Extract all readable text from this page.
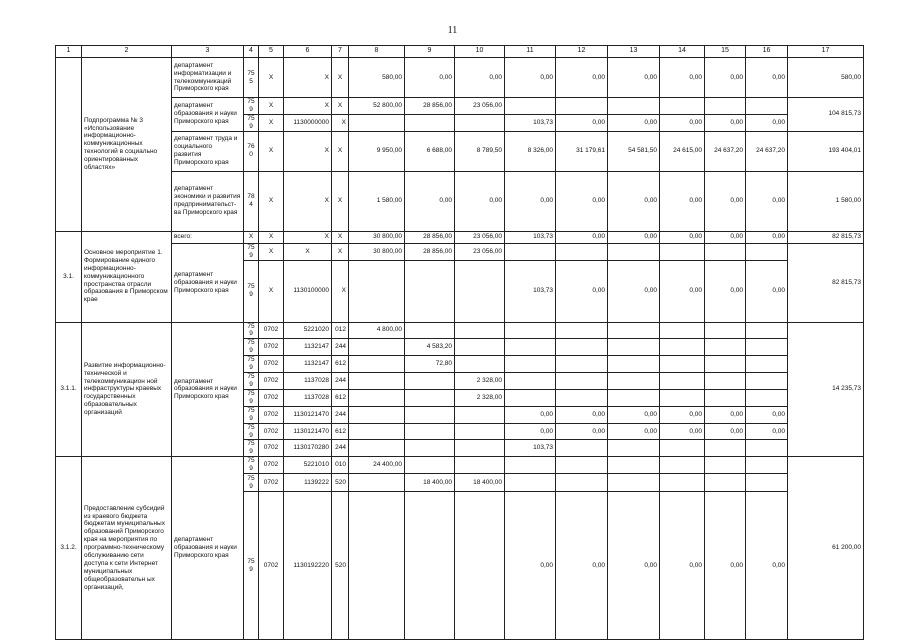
11
1	2	3	4	5	6	7	8	9	10	11	12	13	14	15	16	17
	Подпрограмма № 3 «Использование информационно-коммуникационных технологий в социально ориентированных областях»	департамент информатизации и телекоммуникаций Приморского края	755	X	X	X	580,00	0,00	0,00	0,00	0,00	0,00	0,00	0,00	0,00	580,00
		департамент образования и науки Приморского края	759	X	X	X	52 800,00	28 856,00	23 056,00							104 815,73
			759	X	1130000000	X				103,73	0,00	0,00	0,00	0,00	0,00	
		департамент труда и социального развития Приморского края	760	X	X	X	9 950,00	6 688,00	8 789,50	8 326,00	31 179,61	54 581,50	24 615,00	24 637,20	24 637,20	193 404,01
		департамент экономики и развития предпринимательст-ва Приморского края	784	X	X	X	1 580,00	0,00	0,00	0,00	0,00	0,00	0,00	0,00	0,00	1 580,00

3.1.	Основное мероприятие 1. Формирование единого информационно-коммуникационного пространства отрасли образования в Приморском крае	всего:	X	X	X	X	30 800,00	28 856,00	23 056,00	103,73	0,00	0,00	0,00	0,00	0,00	82 815,73
		департамент образования и науки Приморского края	759	X	X	X	30 800,00	28 856,00	23 056,00							82 815,73
			759	X	1130100000	X				103,73	0,00	0,00	0,00	0,00	0,00	
3.1.1.	Развитие информационно-технической и телекоммуникацион ной инфраструктуры краевых государственных образовательных организаций	департамент образования и науки Приморского края	759	0702	5221020	012	4 800,00									14 235,73
			759	0702	1132147	244		4 583,20								
			759	0702	1132147	612		72,80								
			759	0702	1137028	244			2 328,00							
			759	0702	1137028	612			2 328,00							
			759	0702	1130121470	244				0,00	0,00	0,00	0,00	0,00	0,00	
			759	0702	1130121470	612				0,00	0,00	0,00	0,00	0,00	0,00	
			759	0702	1130170280	244				103,73						
3.1.2.	Предоставление субсидий из краевого бюджета бюджетам муниципальных образований Приморского края на мероприятия по программно-техническому обслуживанию сети доступа к сети Интернет муниципальных общеобразовательн ых организаций,	департамент образования и науки Приморского края	759	0702	5221010	010	24 400,00									61 200,00
			759	0702	1139222	520		18 400,00	18 400,00							
			759	0702	1130192220	520				0,00	0,00	0,00	0,00	0,00	0,00	
